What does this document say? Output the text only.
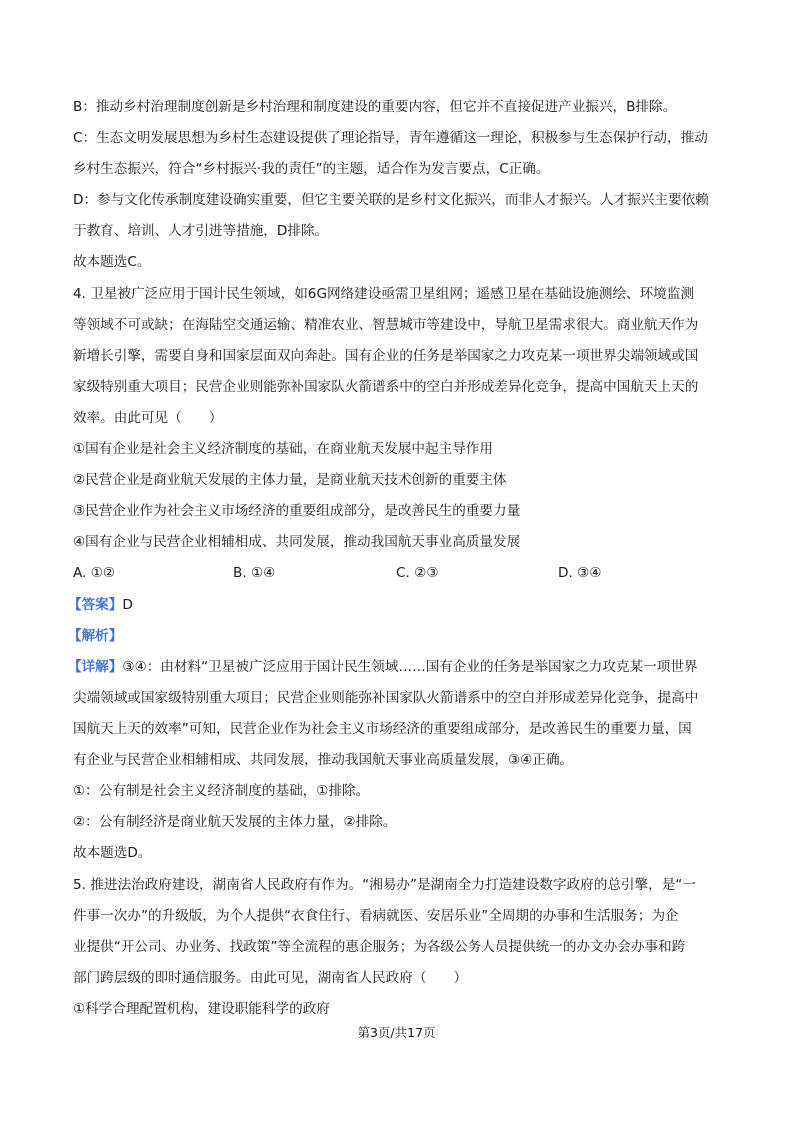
B：推动乡村治理制度创新是乡村治理和制度建设的重要内容，但它并不直接促进产业振兴，B排除。
C：生态文明发展思想为乡村生态建设提供了理论指导，青年遵循这一理论，积极参与生态保护行动，推动
乡村生态振兴，符合“乡村振兴·我的责任”的主题，适合作为发言要点，C正确。
D：参与文化传承制度建设确实重要，但它主要关联的是乡村文化振兴，而非人才振兴。人才振兴主要依赖
于教育、培训、人才引进等措施，D排除。
故本题选C。
4. 卫星被广泛应用于国计民生领域，如6G网络建设亟需卫星组网；遥感卫星在基础设施测绘、环境监测
等领域不可或缺；在海陆空交通运输、精准农业、智慧城市等建设中，导航卫星需求很大。商业航天作为
新增长引擎，需要自身和国家层面双向奔赴。国有企业的任务是举国家之力攻克某一项世界尖端领域或国
家级特别重大项目；民营企业则能弥补国家队火箭谱系中的空白并形成差异化竞争，提高中国航天上天的
效率。由此可见（　　）
①国有企业是社会主义经济制度的基础，在商业航天发展中起主导作用
②民营企业是商业航天发展的主体力量，是商业航天技术创新的重要主体
③民营企业作为社会主义市场经济的重要组成部分，是改善民生的重要力量
④国有企业与民营企业相辅相成、共同发展，推动我国航天事业高质量发展
A. ①②	B. ①④	C. ②③	D. ③④
【答案】D
【解析】
【详解】③④：由材料“卫星被广泛应用于国计民生领域……国有企业的任务是举国家之力攻克某一项世界
尖端领域或国家级特别重大项目；民营企业则能弥补国家队火箭谱系中的空白并形成差异化竞争，提高中
国航天上天的效率”可知，民营企业作为社会主义市场经济的重要组成部分，是改善民生的重要力量，国
有企业与民营企业相辅相成、共同发展，推动我国航天事业高质量发展，③④正确。
①：公有制是社会主义经济制度的基础，①排除。
②：公有制经济是商业航天发展的主体力量，②排除。
故本题选D。
5. 推进法治政府建设，湖南省人民政府有作为。“湘易办”是湖南全力打造建设数字政府的总引擎，是“一
件事一次办”的升级版，为个人提供“衣食住行、看病就医、安居乐业”全周期的办事和生活服务；为企
业提供“开公司、办业务、找政策”等全流程的惠企服务；为各级公务人员提供统一的办文办会办事和跨
部门跨层级的即时通信服务。由此可见，湖南省人民政府（　　）
①科学合理配置机构，建设职能科学的政府
第3页/共17页
